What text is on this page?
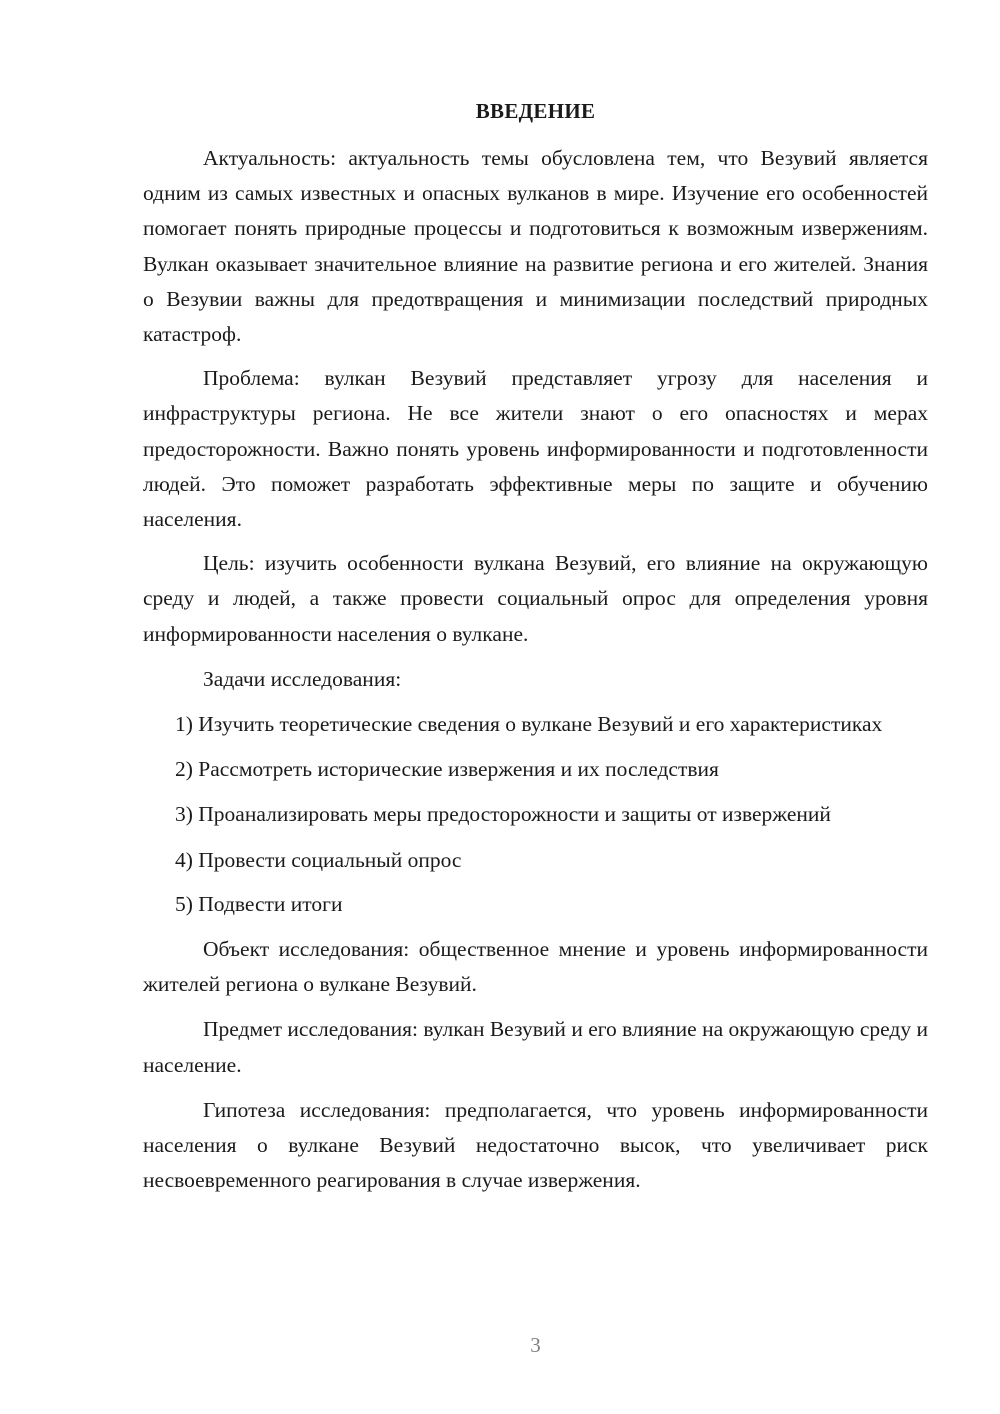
ВВЕДЕНИЕ

Актуальность: актуальность темы обусловлена тем, что Везувий является одним из самых известных и опасных вулканов в мире. Изучение его особенностей помогает понять природные процессы и подготовиться к возможным извержениям. Вулкан оказывает значительное влияние на развитие региона и его жителей. Знания о Везувии важны для предотвращения и минимизации последствий природных катастроф.

Проблема: вулкан Везувий представляет угрозу для населения и инфраструктуры региона. Не все жители знают о его опасностях и мерах предосторожности. Важно понять уровень информированности и подготовленности людей. Это поможет разработать эффективные меры по защите и обучению населения.

Цель: изучить особенности вулкана Везувий, его влияние на окружающую среду и людей, а также провести социальный опрос для определения уровня информированности населения о вулкане.

Задачи исследования:

1) Изучить теоретические сведения о вулкане Везувий и его характеристиках

2) Рассмотреть исторические извержения и их последствия

3) Проанализировать меры предосторожности и защиты от извержений

4) Провести социальный опрос

5) Подвести итоги

Объект исследования: общественное мнение и уровень информированности жителей региона о вулкане Везувий.

Предмет исследования: вулкан Везувий и его влияние на окружающую среду и население.

Гипотеза исследования: предполагается, что уровень информированности населения о вулкане Везувий недостаточно высок, что увеличивает риск несвоевременного реагирования в случае извержения.

3
